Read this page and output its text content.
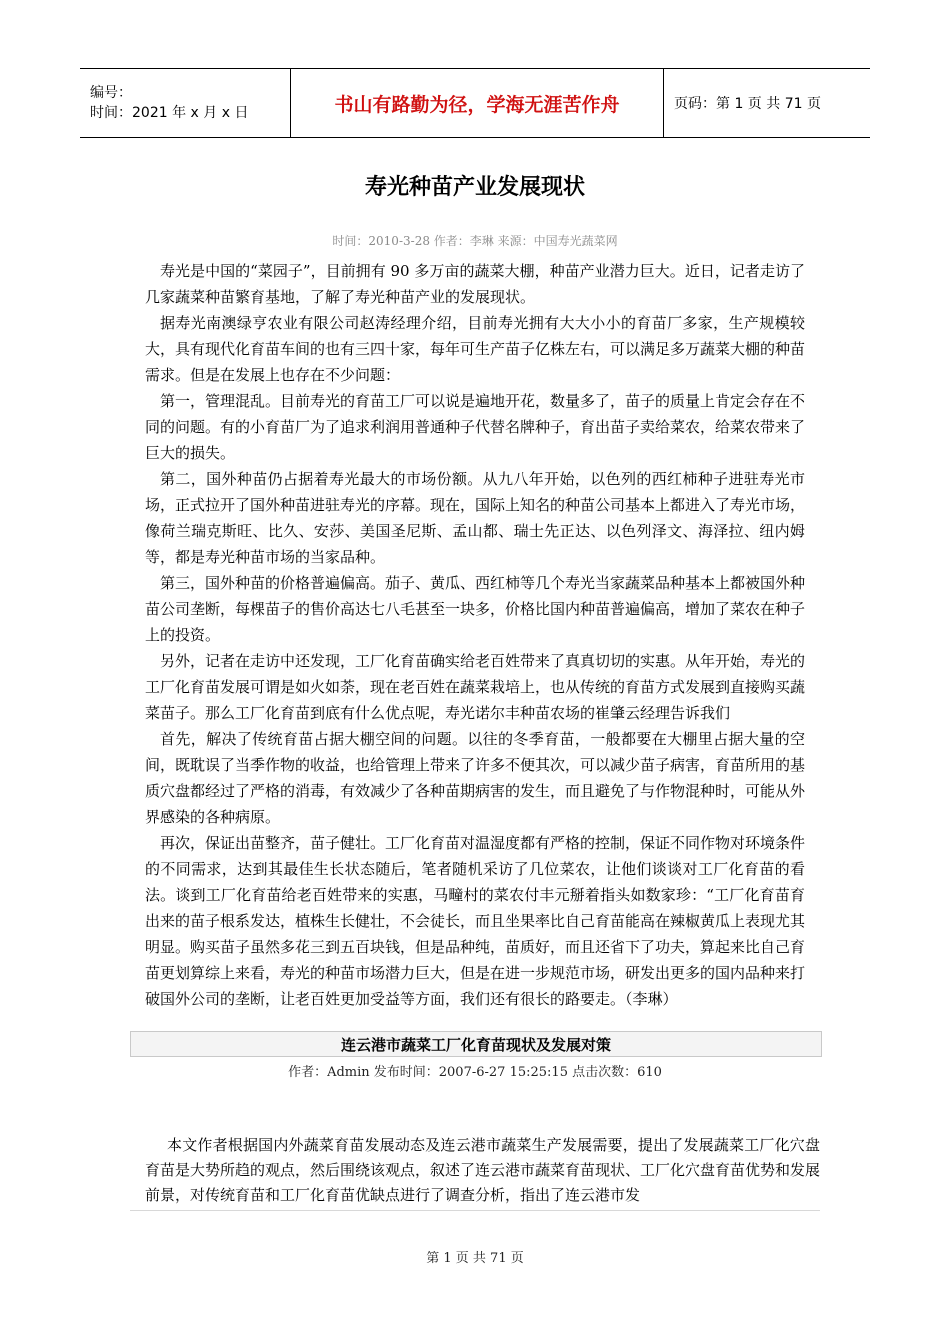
编号：
时间：2021 年 x 月 x 日	书山有路勤为径，学海无涯苦作舟	页码：第 1 页 共 71 页
寿光种苗产业发展现状
时间：2010-3-28 作者：李琳 来源：中国寿光蔬菜网

寿光是中国的“菜园子”，目前拥有 90 多万亩的蔬菜大棚，种苗产业潜力巨大。近日，记者走访了几家蔬菜种苗繁育基地，了解了寿光种苗产业的发展现状。

据寿光南澳绿亨农业有限公司赵涛经理介绍，目前寿光拥有大大小小的育苗厂多家，生产规模较大，具有现代化育苗车间的也有三四十家，每年可生产苗子亿株左右，可以满足多万蔬菜大棚的种苗需求。但是在发展上也存在不少问题：

第一，管理混乱。目前寿光的育苗工厂可以说是遍地开花，数量多了，苗子的质量上肯定会存在不同的问题。有的小育苗厂为了追求利润用普通种子代替名牌种子，育出苗子卖给菜农，给菜农带来了巨大的损失。

第二，国外种苗仍占据着寿光最大的市场份额。从九八年开始，以色列的西红柿种子进驻寿光市场，正式拉开了国外种苗进驻寿光的序幕。现在，国际上知名的种苗公司基本上都进入了寿光市场，像荷兰瑞克斯旺、比久、安莎、美国圣尼斯、孟山都、瑞士先正达、以色列泽文、海泽拉、纽内姆等，都是寿光种苗市场的当家品种。

第三，国外种苗的价格普遍偏高。茄子、黄瓜、西红柿等几个寿光当家蔬菜品种基本上都被国外种苗公司垄断，每棵苗子的售价高达七八毛甚至一块多，价格比国内种苗普遍偏高，增加了菜农在种子上的投资。

另外，记者在走访中还发现，工厂化育苗确实给老百姓带来了真真切切的实惠。从年开始，寿光的工厂化育苗发展可谓是如火如荼，现在老百姓在蔬菜栽培上，也从传统的育苗方式发展到直接购买蔬菜苗子。那么工厂化育苗到底有什么优点呢，寿光诺尔丰种苗农场的崔肇云经理告诉我们

首先，解决了传统育苗占据大棚空间的问题。以往的冬季育苗，一般都要在大棚里占据大量的空间，既耽误了当季作物的收益，也给管理上带来了许多不便其次，可以减少苗子病害，育苗所用的基质穴盘都经过了严格的消毒，有效减少了各种苗期病害的发生，而且避免了与作物混种时，可能从外界感染的各种病原。

再次，保证出苗整齐，苗子健壮。工厂化育苗对温湿度都有严格的控制，保证不同作物对环境条件的不同需求，达到其最佳生长状态随后，笔者随机采访了几位菜农，让他们谈谈对工厂化育苗的看法。谈到工厂化育苗给老百姓带来的实惠，马疃村的菜农付丰元掰着指头如数家珍：“工厂化育苗育出来的苗子根系发达，植株生长健壮，不会徒长，而且坐果率比自己育苗能高在辣椒黄瓜上表现尤其明显。购买苗子虽然多花三到五百块钱，但是品种纯，苗质好，而且还省下了功夫，算起来比自己育苗更划算综上来看，寿光的种苗市场潜力巨大，但是在进一步规范市场，研发出更多的国内品种来打破国外公司的垄断，让老百姓更加受益等方面，我们还有很长的路要走。（李琳）

连云港市蔬菜工厂化育苗现状及发展对策
作者：Admin 发布时间：2007-6-27 15:25:15 点击次数：610

本文作者根据国内外蔬菜育苗发展动态及连云港市蔬菜生产发展需要，提出了发展蔬菜工厂化穴盘育苗是大势所趋的观点，然后围绕该观点，叙述了连云港市蔬菜育苗现状、工厂化穴盘育苗优势和发展前景，对传统育苗和工厂化育苗优缺点进行了调查分析，指出了连云港市发

第 1 页 共 71 页
